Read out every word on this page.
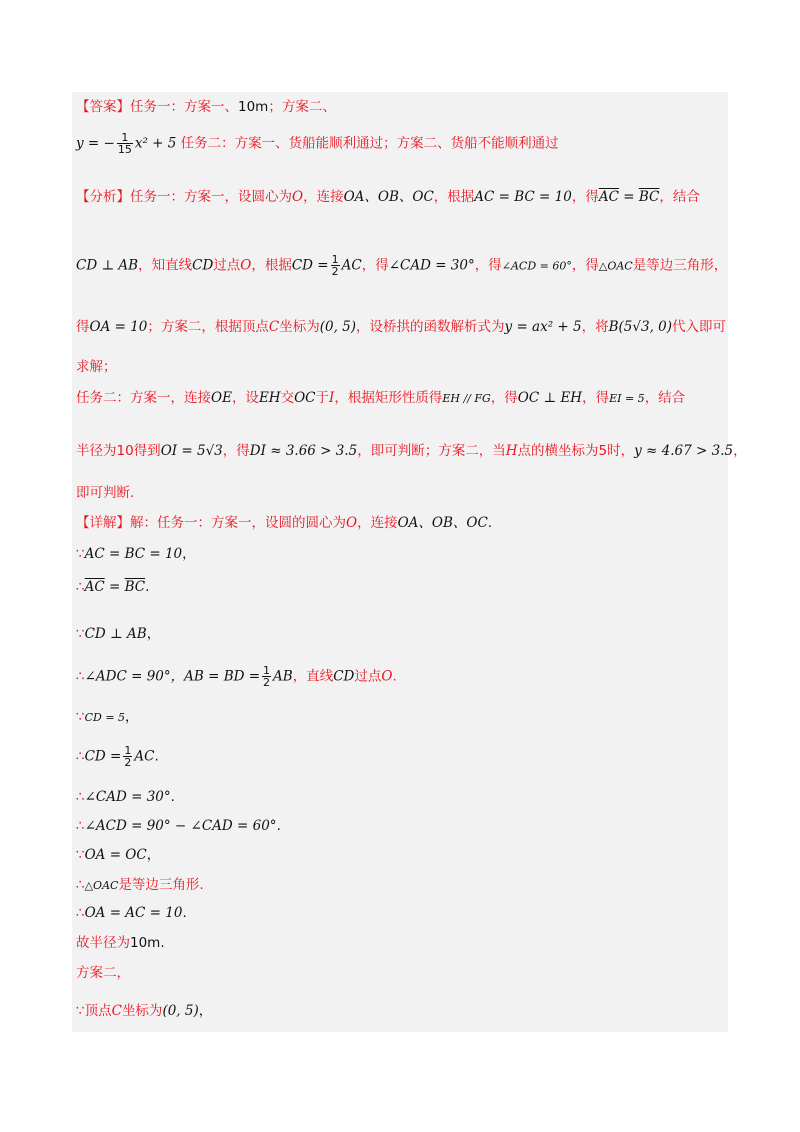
【答案】任务一：方案一、10m；方案二、
y = − $\frac{1}{15} x^2 + 5$ 任务二：方案一、货船能顺利通过；方案二、货船不能顺利通过
【分析】任务一：方案一，设圆心为O，连接OA、OB、OC，根据AC = BC = 10，得$\overline{AC} = \overline{BC}$，结合
CD ⊥ AB，知直线CD过点O，根据CD = $\frac{1}{2}$ AC，得∠CAD = 30°，得∠ACD = 60°，得△OAC是等边三角形，
得OA = 10；方案二，根据顶点C坐标为(0, 5)，设桥拱的函数解析式为y = ax² + 5，将B(5√3, 0)代入即可
求解；
任务二：方案一，连接OE，设EH交OC于I，根据矩形性质得EH // FG，得OC ⊥ EH，得EI = 5，结合
半径为10得到OI = 5√3，得DI ≈ 3.66 > 3.5，即可判断；方案二，当H点的横坐标为5时，y ≈ 4.67 > 3.5，
即可判断.
【详解】解：任务一：方案一，设圆的圆心为O，连接OA、OB、OC.
∵AC = BC = 10，
$\therefore\overline{AC} = \overline{BC}$.
∵CD ⊥ AB，
∴∠ADC = 90°，AB = BD = $\frac{1}{2}$ AB，直线CD过点O.
∵CD = 5，
∴CD = $\frac{1}{2}$ AC.
∴∠CAD = 30°.
∴∠ACD = 90° − ∠CAD = 60°.
∵OA = OC，
∴△OAC是等边三角形.
∴OA = AC = 10.
故半径为10m.
方案二，
∵顶点C坐标为(0, 5)，
